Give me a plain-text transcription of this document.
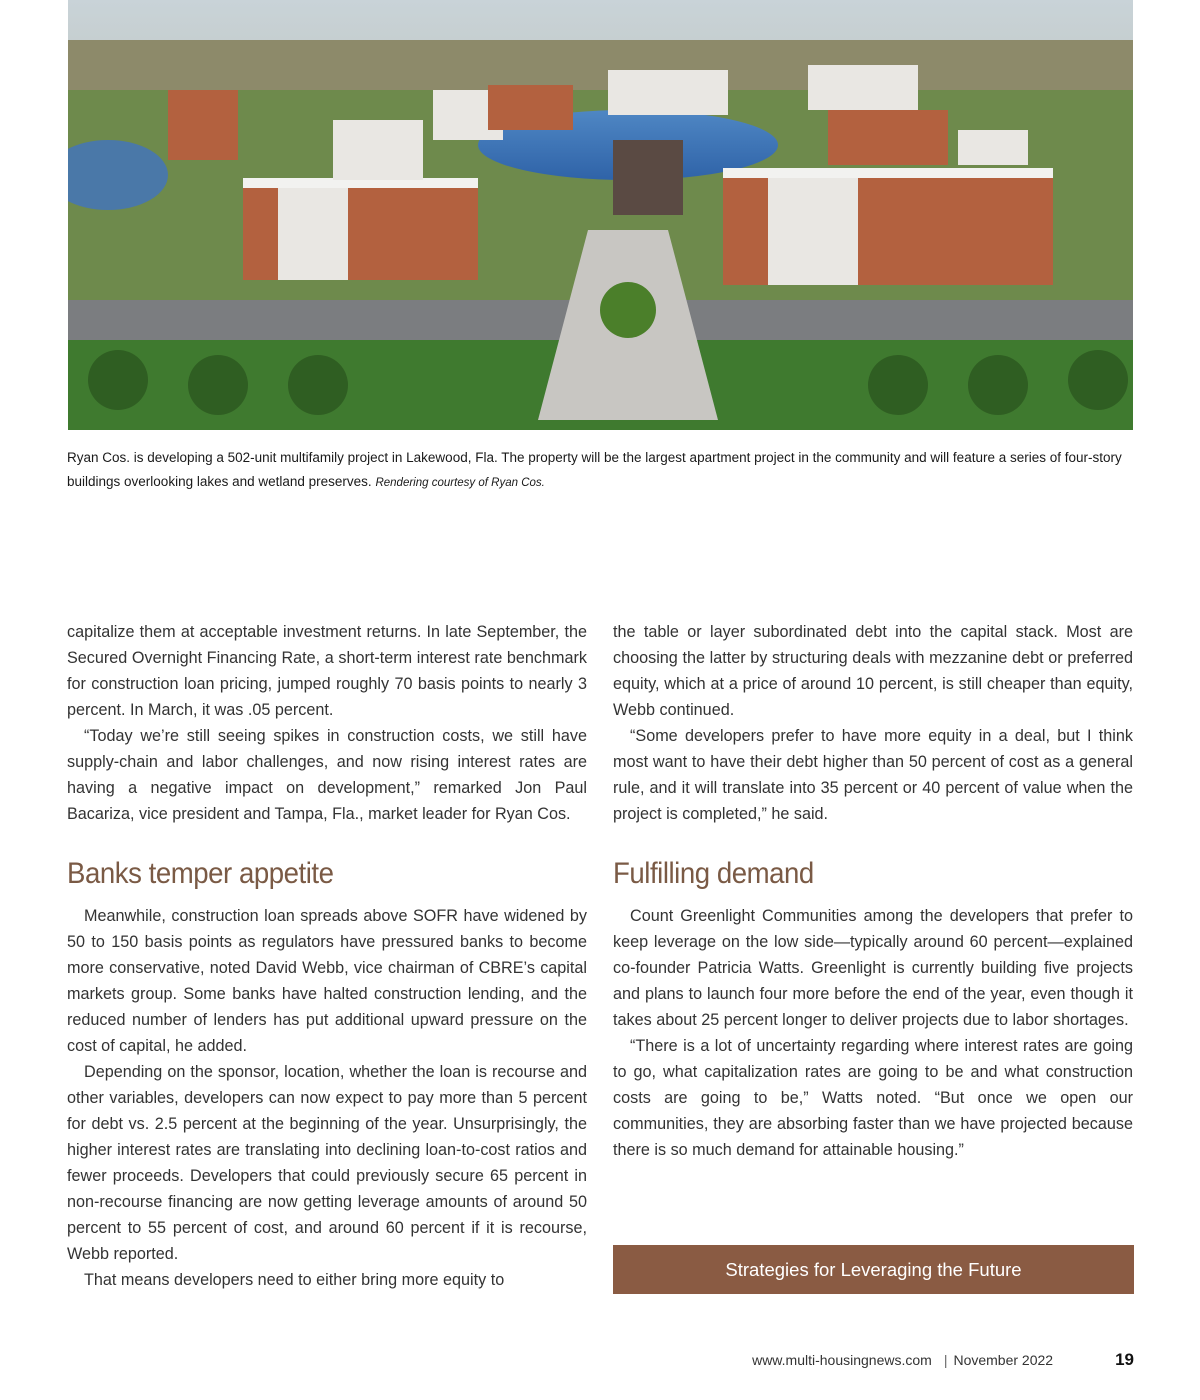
Ryan Cos. is developing a 502-unit multifamily project in Lakewood, Fla. The property will be the largest apartment project in the community and will feature a series of four-story buildings overlooking lakes and wetland preserves. Rendering courtesy of Ryan Cos.

capitalize them at acceptable investment returns. In late September, the Secured Overnight Financing Rate, a short-term interest rate benchmark for construction loan pricing, jumped roughly 70 basis points to nearly 3 percent. In March, it was .05 percent.

“Today we’re still seeing spikes in construction costs, we still have supply-chain and labor challenges, and now rising interest rates are having a negative impact on development,” remarked Jon Paul Bacariza, vice president and Tampa, Fla., market leader for Ryan Cos.

Banks temper appetite

Meanwhile, construction loan spreads above SOFR have widened by 50 to 150 basis points as regulators have pressured banks to become more conservative, noted David Webb, vice chairman of CBRE’s capital markets group. Some banks have halted construction lending, and the reduced number of lenders has put additional upward pressure on the cost of capital, he added.

Depending on the sponsor, location, whether the loan is recourse and other variables, developers can now expect to pay more than 5 percent for debt vs. 2.5 percent at the beginning of the year. Unsurprisingly, the higher interest rates are translating into declining loan-to-cost ratios and fewer proceeds. Developers that could previously secure 65 percent in non-recourse financing are now getting leverage amounts of around 50 percent to 55 percent of cost, and around 60 percent if it is recourse, Webb reported.

That means developers need to either bring more equity to

the table or layer subordinated debt into the capital stack. Most are choosing the latter by structuring deals with mezzanine debt or preferred equity, which at a price of around 10 percent, is still cheaper than equity, Webb continued.

“Some developers prefer to have more equity in a deal, but I think most want to have their debt higher than 50 percent of cost as a general rule, and it will translate into 35 percent or 40 percent of value when the project is completed,” he said.

Fulfilling demand

Count Greenlight Communities among the developers that prefer to keep leverage on the low side—typically around 60 percent—explained co-founder Patricia Watts. Greenlight is currently building five projects and plans to launch four more before the end of the year, even though it takes about 25 percent longer to deliver projects due to labor shortages.

“There is a lot of uncertainty regarding where interest rates are going to go, what capitalization rates are going to be and what construction costs are going to be,” Watts noted. “But once we open our communities, they are absorbing faster than we have projected because there is so much demand for attainable housing.”

Strategies for Leveraging the Future
www.multi-housingnews.com | November 2022	19
